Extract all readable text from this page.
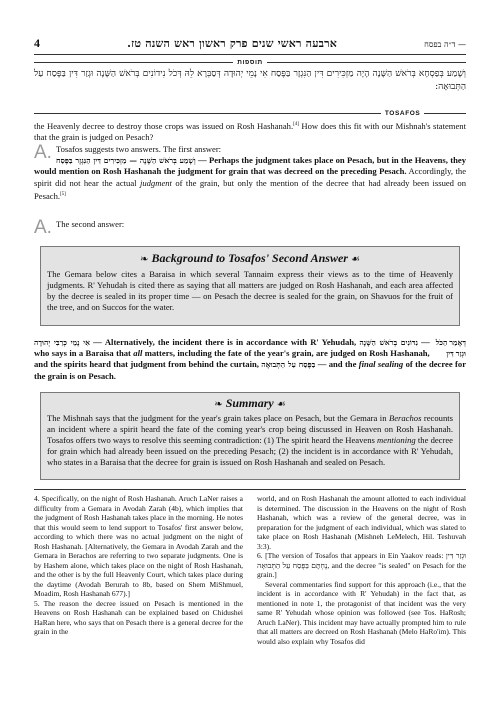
4	ארבעה ראשי שנים פרק ראשון ראש השנה טז.	— ד״ה בפסח
תוספות
וְשָׁמַע בְּפַסְחָא בְּרֹאשׁ הַשָּׁנָה הָיָה מַזְכִּירִים דִּין הַנִּגְזָר בַּפֶּסַח אִי נָמֵי יְהוּדָה דְּסַבְּרָא לֵהּ דְּכֹל נִידוֹנִים בְּרֹאשׁ הַשָּׁנָה וּגְזַר דִּין בַּפֶּסַח עַל הַתְּבוּאָה:
TOSAFOS
the Heavenly decree to destroy those crops was issued on Rosh Hashanah.[4] How does this fit with our Mishnah's statement that the grain is judged on Pesach?
A. Tosafos suggests two answers. The first answer:
וְשָׁמַע בְּרֹאשׁ הַשָּׁנָה — מַזְכִּירִים דִּין הַנִּגְזָר בַּפֶּסַח — Perhaps the judgment takes place on Pesach, but in the Heavens, they would mention on Rosh Hashanah the judgment for grain that was decreed on the preceding Pesach. Accordingly, the spirit did not hear the actual judgment of the grain, but only the mention of the decree that had already been issued on Pesach.[5]
A. The second answer:
❧ Background to Tosafos' Second Answer ☙
The Gemara below cites a Baraisa in which several Tannaim express their views as to the time of Heavenly judgments. R' Yehudah is cited there as saying that all matters are judged on Rosh Hashanah, and each area affected by the decree is sealed in its proper time — on Pesach the decree is sealed for the grain, on Shavuos for the fruit of the tree, and on Succos for the water.
דְּאָמַר הַכֹּל
וּגְזַר דִּין
אִי נָמֵי כְּרַבִּי יְהוּדָה — Alternatively, the incident there is in accordance with R' Yehudah, נִדּוֹנִים בְּרֹאשׁ הַשָּׁנָה — who says in a Baraisa that all matters, including the fate of the year's grain, are judged on Rosh Hashanah, and the spirits heard that judgment from behind the curtain, בַּפֶּסַח עַל הַתְּבוּאָה — and the final sealing of the decree for the grain is on Pesach.
❧ Summary ☙
The Mishnah says that the judgment for the year's grain takes place on Pesach, but the Gemara in Berachos recounts an incident where a spirit heard the fate of the coming year's crop being discussed in Heaven on Rosh Hashanah. Tosafos offers two ways to resolve this seeming contradiction: (1) The spirit heard the Heavens mentioning the decree for grain which had already been issued on the preceding Pesach; (2) the incident is in accordance with R' Yehudah, who states in a Baraisa that the decree for grain is issued on Rosh Hashanah and sealed on Pesach.

4. Specifically, on the night of Rosh Hashanah. Aruch LaNer raises a difficulty from a Gemara in Avodah Zarah (4b), which implies that the judgment of Rosh Hashanah takes place in the morning. He notes that this would seem to lend support to Tosafos' first answer below, according to which there was no actual judgment on the night of Rosh Hashanah. [Alternatively, the Gemara in Avodah Zarah and the Gemara in Berachos are referring to two separate judgments. One is by Hashem alone, which takes place on the night of Rosh Hashanah, and the other is by the full Heavenly Court, which takes place during the daytime (Avodah Berurah to 8b, based on Shem MiShmuel, Moadim, Rosh Hashanah 677).]

5. The reason the decree issued on Pesach is mentioned in the Heavens on Rosh Hashanah can be explained based on Chidushei HaRan here, who says that on Pesach there is a general decree for the grain in the

world, and on Rosh Hashanah the amount allotted to each individual is determined. The discussion in the Heavens on the night of Rosh Hashanah, which was a review of the general decree, was in preparation for the judgment of each individual, which was slated to take place on Rosh Hashanah (Mishneh LeMelech, Hil. Teshuvah 3:3).

6. [The version of Tosafos that appears in Ein Yaakov reads: וּגְזַר דִּין נֶחְתָּם בַּפֶּסַח עַל הַתְּבוּאָה, and the decree "is sealed" on Pesach for the grain.]

Several commentaries find support for this approach (i.e., that the incident is in accordance with R' Yehudah) in the fact that, as mentioned in note 1, the protagonist of that incident was the very same R' Yehudah whose opinion was followed (see Tos. HaRosh; Aruch LaNer). This incident may have actually prompted him to rule that all matters are decreed on Rosh Hashanah (Melo HaRo'im). This would also explain why Tosafos did
